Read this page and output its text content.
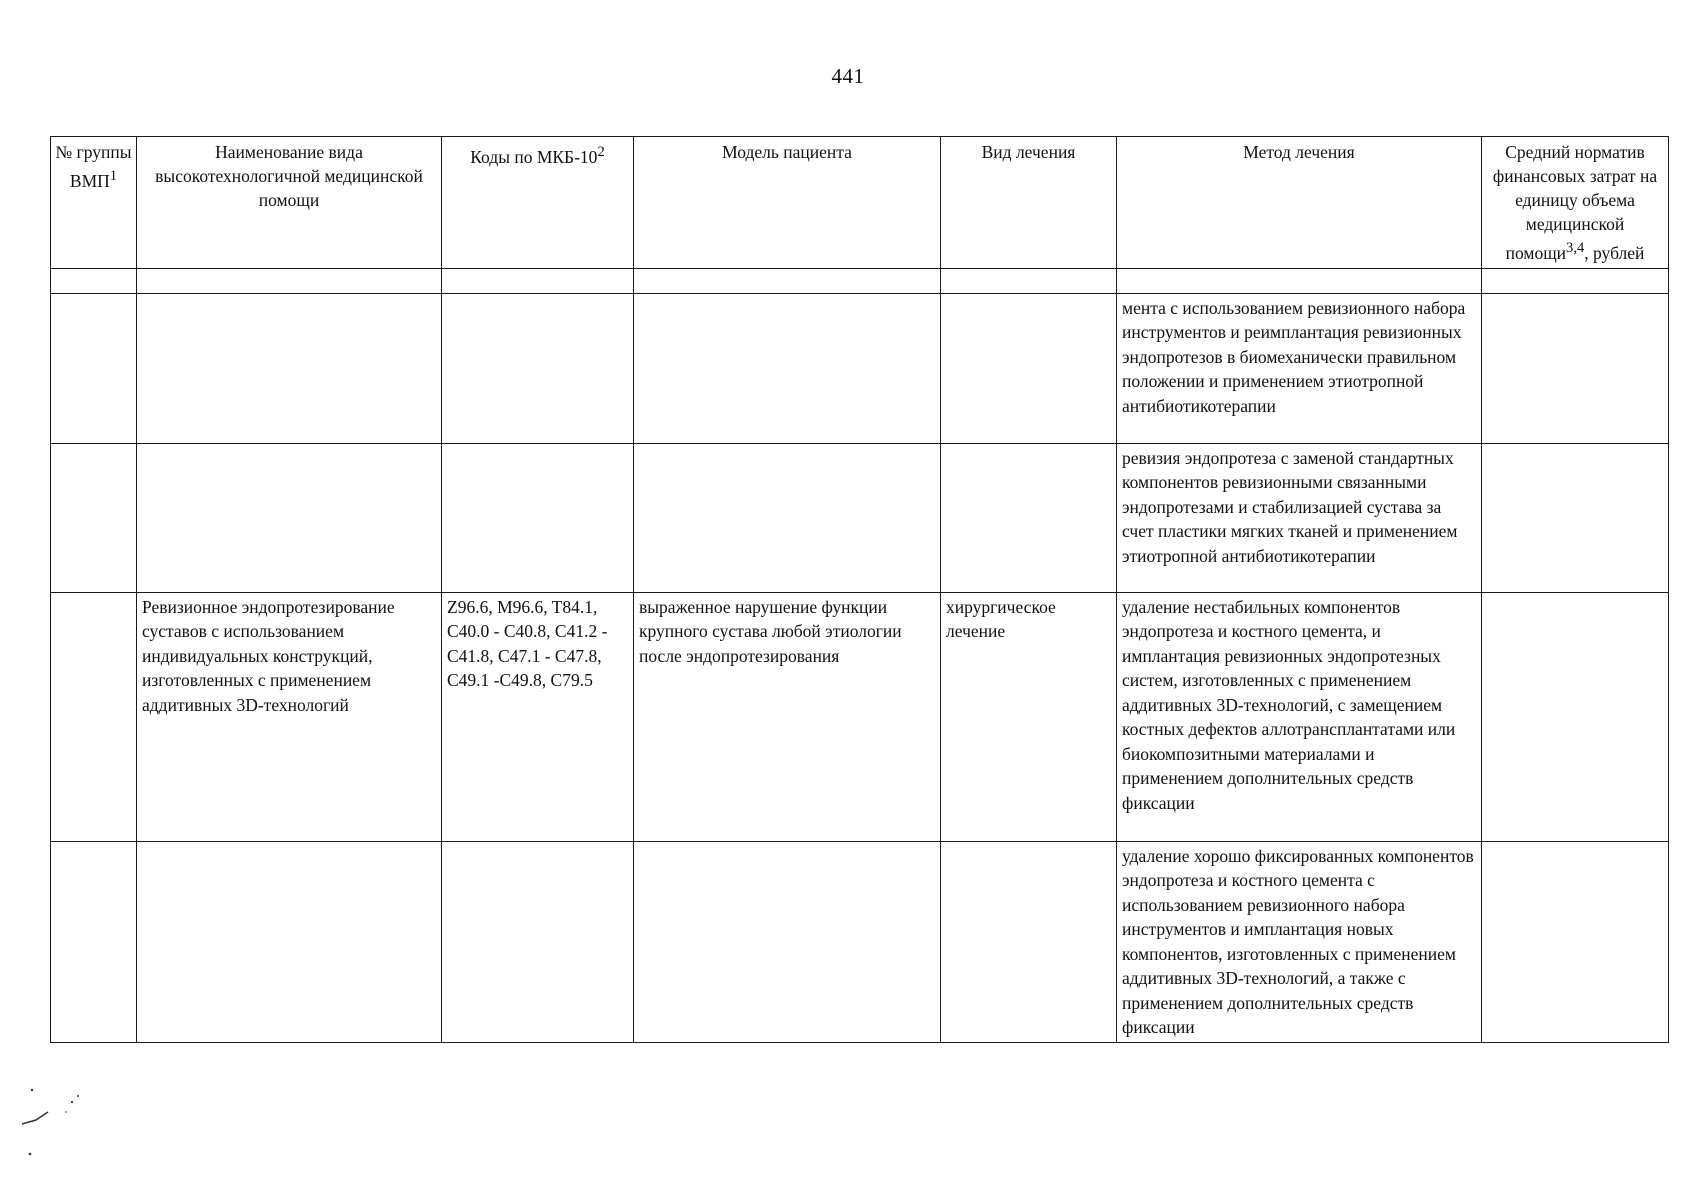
441
№ группы ВМП$^1$	Наименование вида высокотехнологичной медицинской помощи	Коды по МКБ-$10^2$	Модель пациента	Вид лечения	Метод лечения	Средний норматив финансовых затрат на единицу объема медицинской помощи$^{3,4}$, рублей

					мента с использованием ревизионного набора инструментов и реимплантация ревизионных эндопротезов в биомеханически правильном положении и применением этиотропной антибиотикотерапии	
					ревизия эндопротеза с заменой стандартных компонентов ревизионными связанными эндопротезами и стабилизацией сустава за счет пластики мягких тканей и применением этиотропной антибиотикотерапии	
	Ревизионное эндопротезирование суставов с использованием индивидуальных конструкций, изготовленных с применением аддитивных 3D-технологий	Z96.6, M96.6, T84.1, C40.0 - C40.8, C41.2 - C41.8, C47.1 - C47.8, C49.1 -C49.8, C79.5	выраженное нарушение функции крупного сустава любой этиологии после эндопротезирования	хирургическое лечение	удаление нестабильных компонентов эндопротеза и костного цемента, и имплантация ревизионных эндопротезных систем, изготовленных с применением аддитивных 3D-технологий, с замещением костных дефектов аллотрансплантатами или биокомпозитными материалами и применением дополнительных средств фиксации	
					удаление хорошо фиксированных компонентов эндопротеза и костного цемента с использованием ревизионного набора инструментов и имплантация новых компонентов, изготовленных с применением аддитивных 3D-технологий, а также с применением дополнительных средств фиксации	
